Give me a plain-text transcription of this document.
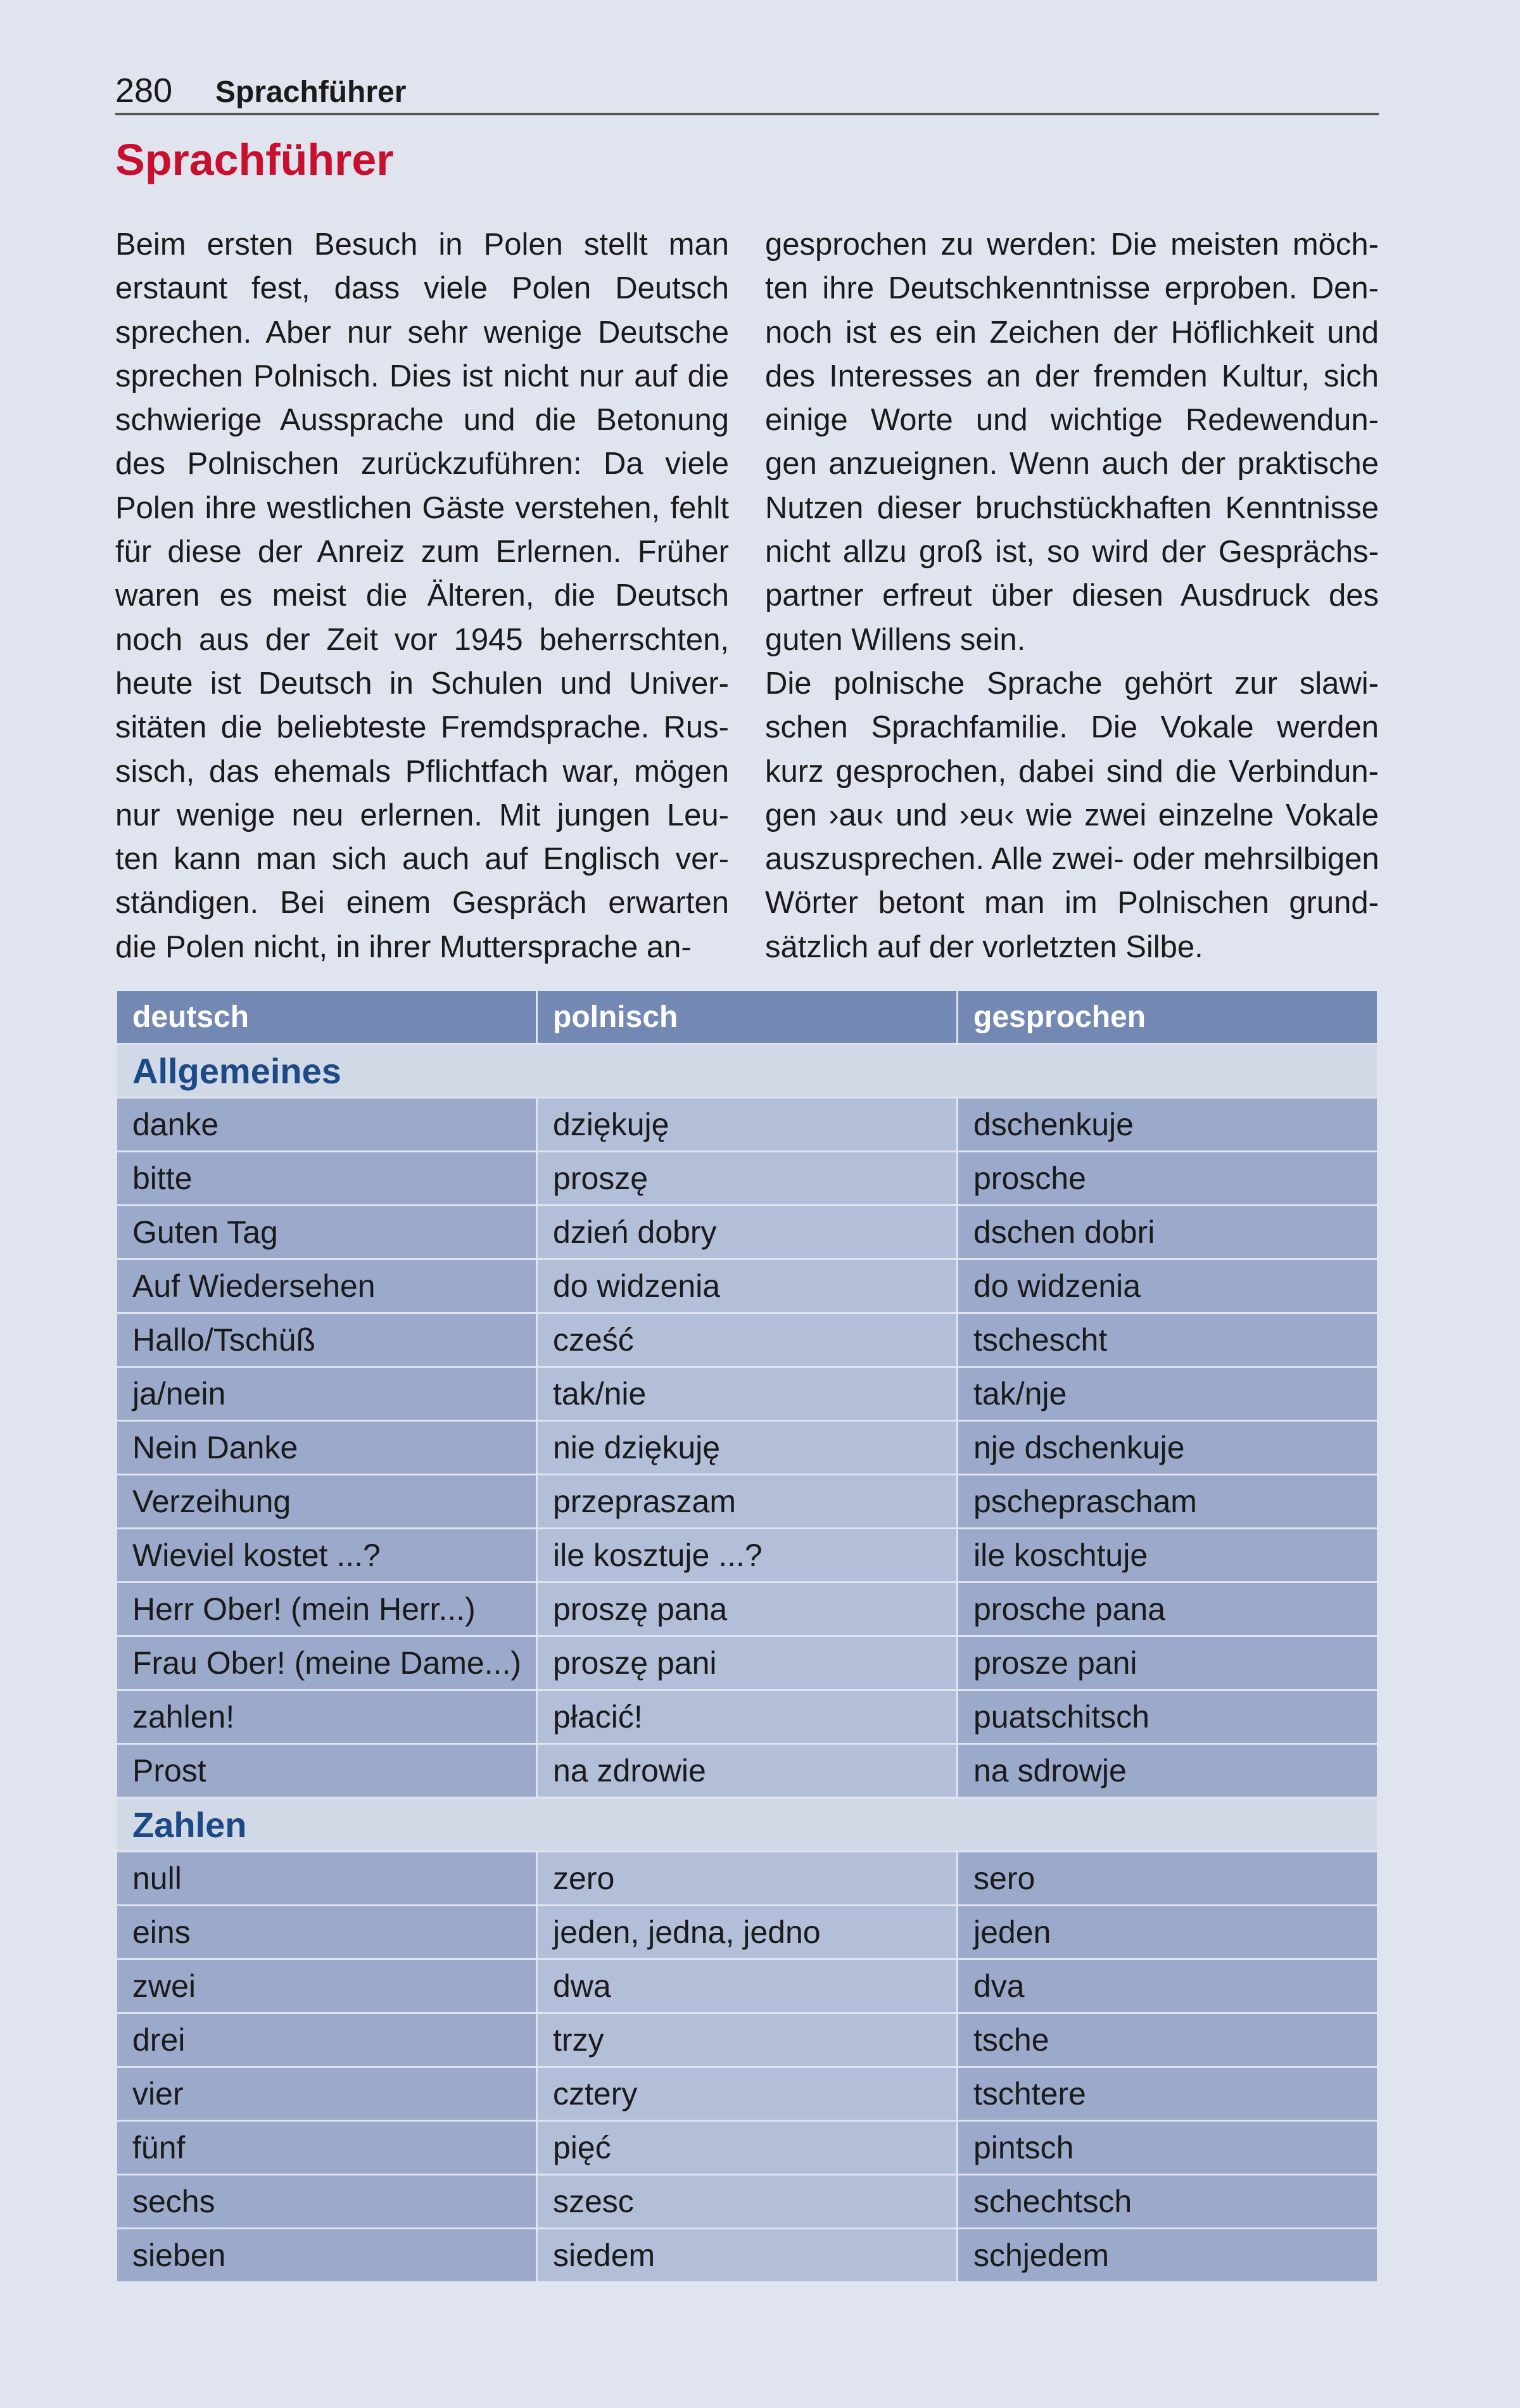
280 Sprachführer
Sprachführer
Beim ersten Besuch in Polen stellt man
erstaunt fest, dass viele Polen Deutsch
sprechen. Aber nur sehr wenige Deutsche
sprechen Polnisch. Dies ist nicht nur auf die
schwierige Aussprache und die Betonung
des Polnischen zurückzuführen: Da viele
Polen ihre westlichen Gäste verstehen, fehlt
für diese der Anreiz zum Erlernen. Früher
waren es meist die Älteren, die Deutsch
noch aus der Zeit vor 1945 beherrschten,
heute ist Deutsch in Schulen und Univer-
sitäten die beliebteste Fremdsprache. Rus-
sisch, das ehemals Pflichtfach war, mögen
nur wenige neu erlernen. Mit jungen Leu-
ten kann man sich auch auf Englisch ver-
ständigen. Bei einem Gespräch erwarten
die Polen nicht, in ihrer Muttersprache an-
gesprochen zu werden: Die meisten möch-
ten ihre Deutschkenntnisse erproben. Den-
noch ist es ein Zeichen der Höflichkeit und
des Interesses an der fremden Kultur, sich
einige Worte und wichtige Redewendun-
gen anzueignen. Wenn auch der praktische
Nutzen dieser bruchstückhaften Kenntnisse
nicht allzu groß ist, so wird der Gesprächs-
partner erfreut über diesen Ausdruck des
guten Willens sein.
Die polnische Sprache gehört zur slawi-
schen Sprachfamilie. Die Vokale werden
kurz gesprochen, dabei sind die Verbindun-
gen ›au‹ und ›eu‹ wie zwei einzelne Vokale
auszusprechen. Alle zwei- oder mehrsilbigen
Wörter betont man im Polnischen grund-
sätzlich auf der vorletzten Silbe.
deutsch	polnisch	gesprochen
Allgemeines		
danke	dziękuję	dschenkuje
bitte	proszę	prosche
Guten Tag	dzień dobry	dschen dobri
Auf Wiedersehen	do widzenia	do widzenia
Hallo/Tschüß	cześć	tschescht
ja/nein	tak/nie	tak/nje
Nein Danke	nie dziękuję	nje dschenkuje
Verzeihung	przepraszam	pscheprascham
Wieviel kostet ...?	ile kosztuje ...?	ile koschtuje
Herr Ober! (mein Herr...)	proszę pana	prosche pana
Frau Ober! (meine Dame...)	proszę pani	prosze pani
zahlen!	płacić!	puatschitsch
Prost	na zdrowie	na sdrowje
Zahlen		
null	zero	sero
eins	jeden, jedna, jedno	jeden
zwei	dwa	dva
drei	trzy	tsche
vier	cztery	tschtere
fünf	pięć	pintsch
sechs	szesc	schechtsch
sieben	siedem	schjedem
